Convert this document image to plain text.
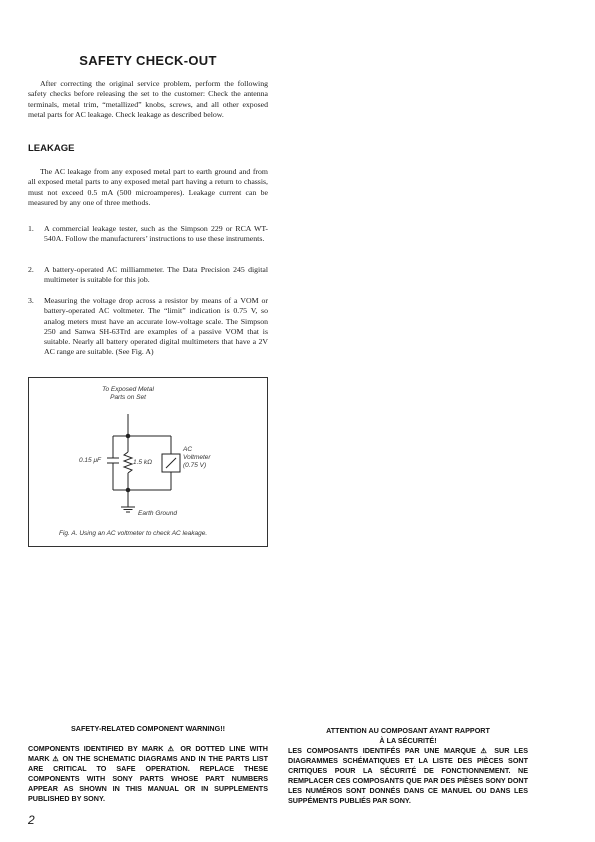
SAFETY CHECK-OUT
After correcting the original service problem, perform the following safety checks before releasing the set to the customer: Check the antenna terminals, metal trim, “metallized” knobs, screws, and all other exposed metal parts for AC leakage. Check leakage as described below.
LEAKAGE
The AC leakage from any exposed metal part to earth ground and from all exposed metal parts to any exposed metal part having a return to chassis, must not exceed 0.5 mA (500 microamperes). Leakage current can be measured by any one of three methods.
1.	A commercial leakage tester, such as the Simpson 229 or RCA WT-540A. Follow the manufacturers’ instructions to use these instruments.
2.	A battery-operated AC milliammeter. The Data Precision 245 digital multimeter is suitable for this job.
3.	Measuring the voltage drop across a resistor by means of a VOM or battery-operated AC voltmeter. The “limit” indication is 0.75 V, so analog meters must have an accurate low-voltage scale. The Simpson 250 and Sanwa SH-63Trd are examples of a passive VOM that is suitable. Nearly all battery operated digital multimeters that have a 2V AC range are suitable. (See Fig. A)
To Exposed Metal
Parts on Set
0.15 μF	1.5 kΩ
AC
Voltmeter
(0.75 V)
Earth Ground
Fig. A. Using an AC voltmeter to check AC leakage.
SAFETY-RELATED COMPONENT WARNING!!
COMPONENTS IDENTIFIED BY MARK ⚠ OR DOTTED LINE WITH MARK ⚠ ON THE SCHEMATIC DIAGRAMS AND IN THE PARTS LIST ARE CRITICAL TO SAFE OPERATION. REPLACE THESE COMPONENTS WITH SONY PARTS WHOSE PART NUMBERS APPEAR AS SHOWN IN THIS MANUAL OR IN SUPPLEMENTS PUBLISHED BY SONY.
ATTENTION AU COMPOSANT AYANT RAPPORT
À LA SÉCURITÉ!
LES COMPOSANTS IDENTIFÉS PAR UNE MARQUE ⚠ SUR LES DIAGRAMMES SCHÉMATIQUES ET LA LISTE DES PIÈCES SONT CRITIQUES POUR LA SÉCURITÉ DE FONCTIONNEMENT. NE REMPLACER CES COMPOSANTS QUE PAR DES PIÈSES SONY DONT LES NUMÉROS SONT DONNÉS DANS CE MANUEL OU DANS LES SUPPÉMENTS PUBLIÉS PAR SONY.
2
